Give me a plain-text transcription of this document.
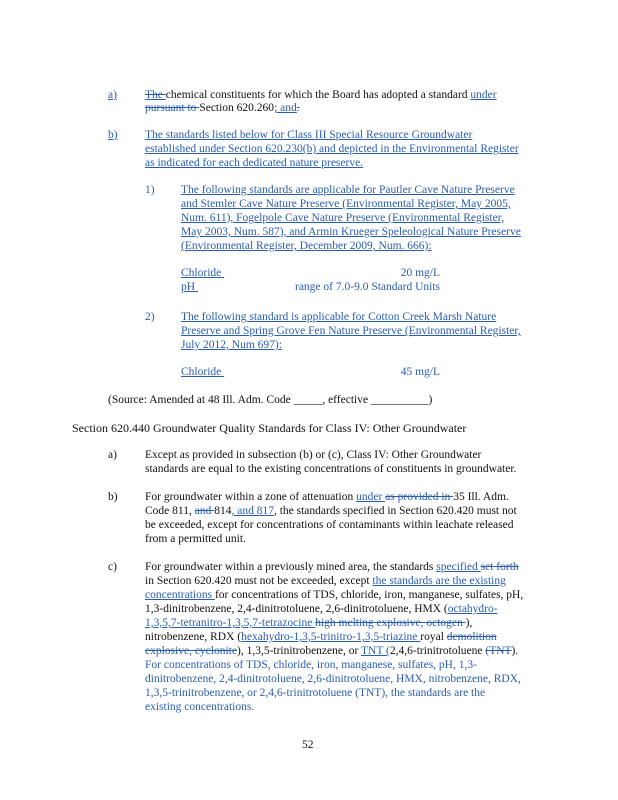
a) The chemical constituents for which the Board has adopted a standard under
pursuant to Section 620.260; and.
b) The standards listed below for Class III Special Resource Groundwater
established under Section 620.230(b) and depicted in the Environmental Register
as indicated for each dedicated nature preserve.
1) The following standards are applicable for Pautler Cave Nature Preserve
and Stemler Cave Nature Preserve (Environmental Register, May 2005,
Num. 611), Fogelpole Cave Nature Preserve (Environmental Register,
May 2003, Num. 587), and Armin Krueger Speleological Nature Preserve
(Environmental Register, December 2009, Num. 666):
Chloride	20 mg/L

pH	range of 7.0-9.0 Standard Units

2) The following standard is applicable for Cotton Creek Marsh Nature
Preserve and Spring Grove Fen Nature Preserve (Environmental Register,
July 2012, Num 697):
Chloride	45 mg/L

(Source: Amended at 48 Ill. Adm. Code _____, effective __________)
Section 620.440 Groundwater Quality Standards for Class IV: Other Groundwater
a) Except as provided in subsection (b) or (c), Class IV: Other Groundwater
standards are equal to the existing concentrations of constituents in groundwater.
b) For groundwater within a zone of attenuation under as provided in 35 Ill. Adm.
Code 811, and 814, and 817, the standards specified in Section 620.420 must not
be exceeded, except for concentrations of contaminants within leachate released
from a permitted unit.
c) For groundwater within a previously mined area, the standards specified set forth
in Section 620.420 must not be exceeded, except the standards are the existing
concentrations for concentrations of TDS, chloride, iron, manganese, sulfates, pH,
1,3-dinitrobenzene, 2,4-dinitrotoluene, 2,6-dinitrotoluene, HMX (octahydro-
1,3,5,7-tetranitro-1,3,5,7-tetrazocine high melting explosive, octogen ),
nitrobenzene, RDX (hexahydro-1,3,5-trinitro-1,3,5-triazine royal demolition
explosive, cyclonite), 1,3,5-trinitrobenzene, or TNT (2,4,6-trinitrotoluene (TNT).
For concentrations of TDS, chloride, iron, manganese, sulfates, pH, 1,3-
dinitrobenzene, 2,4-dinitrotoluene, 2,6-dinitrotoluene, HMX, nitrobenzene, RDX,
1,3,5-trinitrobenzene, or 2,4,6-trinitrotoluene (TNT), the standards are the
existing concentrations.
52
